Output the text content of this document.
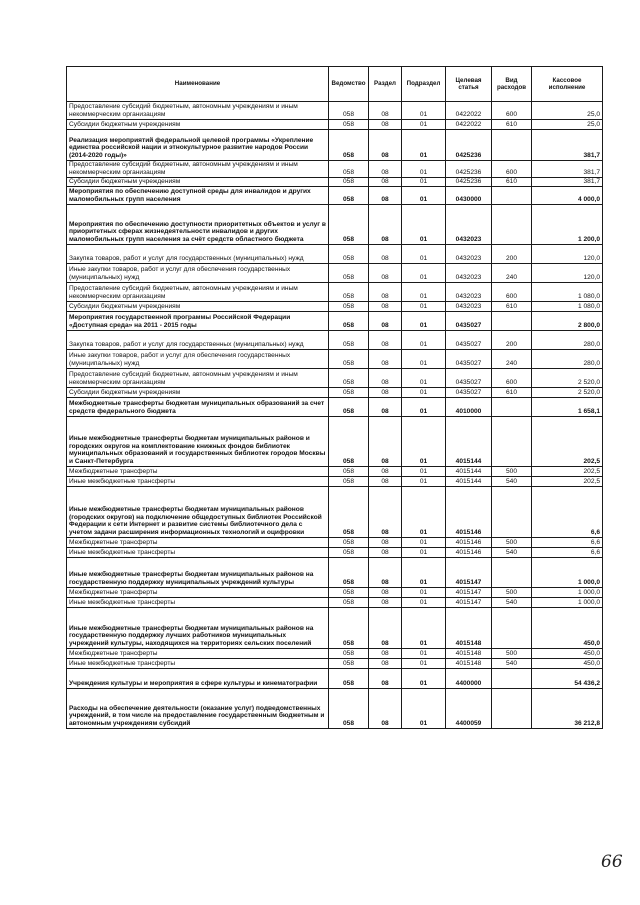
Наименование	Ведомство	Раздел	Подраздел	Целевая статья	Вид расходов	Кассовое исполнение
Предоставление субсидий бюджетным, автономным учреждениям и иным некоммерческим организациям	058	08	01	0422022	600	25,0
Субсидии бюджетным учреждениям	058	08	01	0422022	610	25,0
Реализация мероприятий федеральной целевой программы «Укрепление единства российской нации и этнокультурное развитие народов России (2014-2020 годы)»	058	08	01	0425236		381,7
Предоставление субсидий бюджетным, автономным учреждениям и иным некоммерческим организациям	058	08	01	0425236	600	381,7
Субсидии бюджетным учреждениям	058	08	01	0425236	610	381,7
Мероприятия по обеспечению доступной среды для инвалидов и других маломобильных групп населения	058	08	01	0430000		4 000,0
Мероприятия по обеспечению доступности приоритетных объектов и услуг в приоритетных сферах жизнедеятельности инвалидов и других маломобильных групп населения за счёт средств областного бюджета	058	08	01	0432023		1 200,0
Закупка товаров, работ и услуг для государственных (муниципальных) нужд	058	08	01	0432023	200	120,0
Иные закупки товаров, работ и услуг для обеспечения государственных (муниципальных) нужд	058	08	01	0432023	240	120,0
Предоставление субсидий бюджетным, автономным учреждениям и иным некоммерческим организациям	058	08	01	0432023	600	1 080,0
Субсидии бюджетным учреждениям	058	08	01	0432023	610	1 080,0
Мероприятия государственной программы Российской Федерации «Доступная среда» на 2011 - 2015 годы	058	08	01	0435027		2 800,0
Закупка товаров, работ и услуг для государственных (муниципальных) нужд	058	08	01	0435027	200	280,0
Иные закупки товаров, работ и услуг для обеспечения государственных (муниципальных) нужд	058	08	01	0435027	240	280,0
Предоставление субсидий бюджетным, автономным учреждениям и иным некоммерческим организациям	058	08	01	0435027	600	2 520,0
Субсидии бюджетным учреждениям	058	08	01	0435027	610	2 520,0
Межбюджетные трансферты бюджетам муниципальных образований за счет средств федерального бюджета	058	08	01	4010000		1 658,1
Иные межбюджетные трансферты бюджетам муниципальных районов и городских округов на комплектование книжных фондов библиотек муниципальных образований и государственных библиотек городов Москвы и Санкт-Петербурга	058	08	01	4015144		202,5
Межбюджетные трансферты	058	08	01	4015144	500	202,5
Иные межбюджетные трансферты	058	08	01	4015144	540	202,5
Иные межбюджетные трансферты бюджетам муниципальных районов (городских округов) на подключение общедоступных библиотек Российской Федерации к сети Интернет и развитие системы библиотечного дела с учетом задачи расширения информационных технологий и оцифровки	058	08	01	4015146		6,6
Межбюджетные трансферты	058	08	01	4015146	500	6,6
Иные межбюджетные трансферты	058	08	01	4015146	540	6,6
Иные межбюджетные трансферты бюджетам муниципальных районов на государственную поддержку муниципальных учреждений культуры	058	08	01	4015147		1 000,0
Межбюджетные трансферты	058	08	01	4015147	500	1 000,0
Иные межбюджетные трансферты	058	08	01	4015147	540	1 000,0
Иные межбюджетные трансферты бюджетам муниципальных районов на государственную поддержку лучших работников муниципальных учреждений культуры, находящихся на территориях сельских поселений	058	08	01	4015148		450,0
Межбюджетные трансферты	058	08	01	4015148	500	450,0
Иные межбюджетные трансферты	058	08	01	4015148	540	450,0
Учреждения культуры и мероприятия в сфере культуры и кинематографии	058	08	01	4400000		54 436,2
Расходы на обеспечение деятельности (оказание услуг) подведомственных учреждений, в том числе на предоставление государственным бюджетным и автономным учреждениям субсидий	058	08	01	4400059		36 212,8
66
